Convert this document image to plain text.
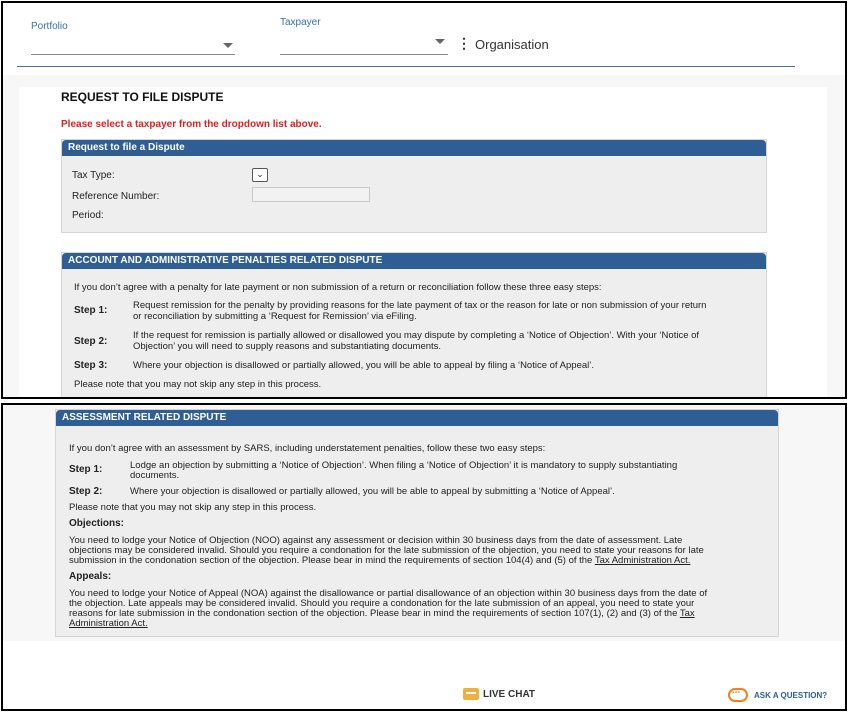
Portfolio	Taxpayer
⋮ Organisation
REQUEST TO FILE DISPUTE
Please select a taxpayer from the dropdown list above.
Request to file a Dispute
Tax Type:	⌄
Reference Number:
Period:
ACCOUNT AND ADMINISTRATIVE PENALTIES RELATED DISPUTE
If you don’t agree with a penalty for late payment or non submission of a return or reconciliation follow these three easy steps:
Step 1:	Request remission for the penalty by providing reasons for the late payment of tax or the reason for late or non submission of your return
or reconciliation by submitting a ‘Request for Remission’ via eFiling.
Step 2:
If the request for remission is partially allowed or disallowed you may dispute by completing a ‘Notice of Objection’. With your ‘Notice of
Objection’ you will need to supply reasons and substantiating documents.
Step 3:	Where your objection is disallowed or partially allowed, you will be able to appeal by filing a ‘Notice of Appeal’.
Please note that you may not skip any step in this process.
ASSESSMENT RELATED DISPUTE
If you don’t agree with an assessment by SARS, including understatement penalties, follow these two easy steps:
Step 1:	Lodge an objection by submitting a ‘Notice of Objection’. When filing a ‘Notice of Objection’ it is mandatory to supply substantiating
documents.
Step 2:	Where your objection is disallowed or partially allowed, you will be able to appeal by submitting a ‘Notice of Appeal’.
Please note that you may not skip any step in this process.
Objections:
You need to lodge your Notice of Objection (NOO) against any assessment or decision within 30 business days from the date of assessment. Late
objections may be considered invalid. Should you require a condonation for the late submission of the objection, you need to state your reasons for late
submission in the condonation section of the objection. Please bear in mind the requirements of section 104(4) and (5) of the Tax Administration Act.
Appeals:
You need to lodge your Notice of Appeal (NOA) against the disallowance or partial disallowance of an objection within 30 business days from the date of
the objection. Late appeals may be considered invalid. Should you require a condonation for the late submission of an appeal, you need to state your
reasons for late submission in the condonation section of the objection. Please bear in mind the requirements of section 107(1), (2) and (3) of the Tax
Administration Act.
LIVE CHAT
...	ASK A QUESTION?
